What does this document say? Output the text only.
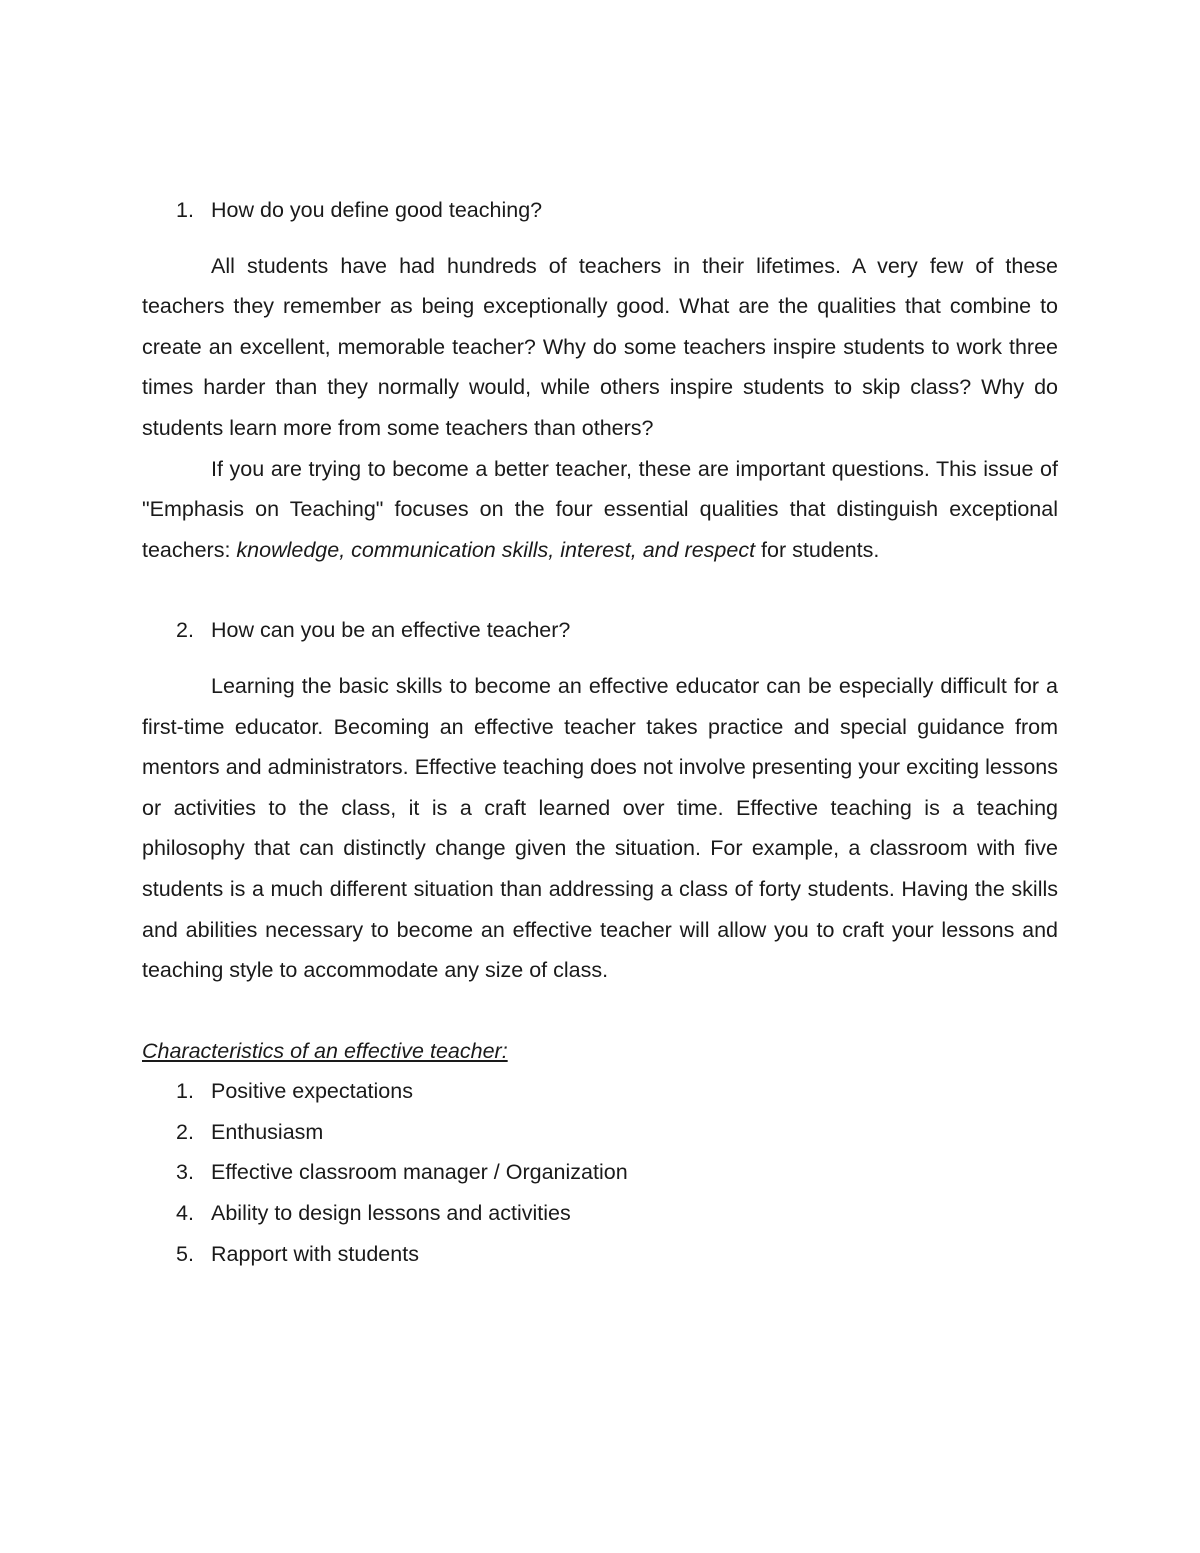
1. How do you define good teaching?

All students have had hundreds of teachers in their lifetimes. A very few of these teachers they remember as being exceptionally good. What are the qualities that combine to create an excellent, memorable teacher? Why do some teachers inspire students to work three times harder than they normally would, while others inspire students to skip class? Why do students learn more from some teachers than others?

If you are trying to become a better teacher, these are important questions. This issue of "Emphasis on Teaching" focuses on the four essential qualities that distinguish exceptional teachers: knowledge, communication skills, interest, and respect for students.

2. How can you be an effective teacher?

Learning the basic skills to become an effective educator can be especially difficult for a first-time educator. Becoming an effective teacher takes practice and special guidance from mentors and administrators. Effective teaching does not involve presenting your exciting lessons or activities to the class, it is a craft learned over time. Effective teaching is a teaching philosophy that can distinctly change given the situation. For example, a classroom with five students is a much different situation than addressing a class of forty students. Having the skills and abilities necessary to become an effective teacher will allow you to craft your lessons and teaching style to accommodate any size of class.

Characteristics of an effective teacher:

1. Positive expectations
2. Enthusiasm
3. Effective classroom manager / Organization
4. Ability to design lessons and activities
5. Rapport with students
